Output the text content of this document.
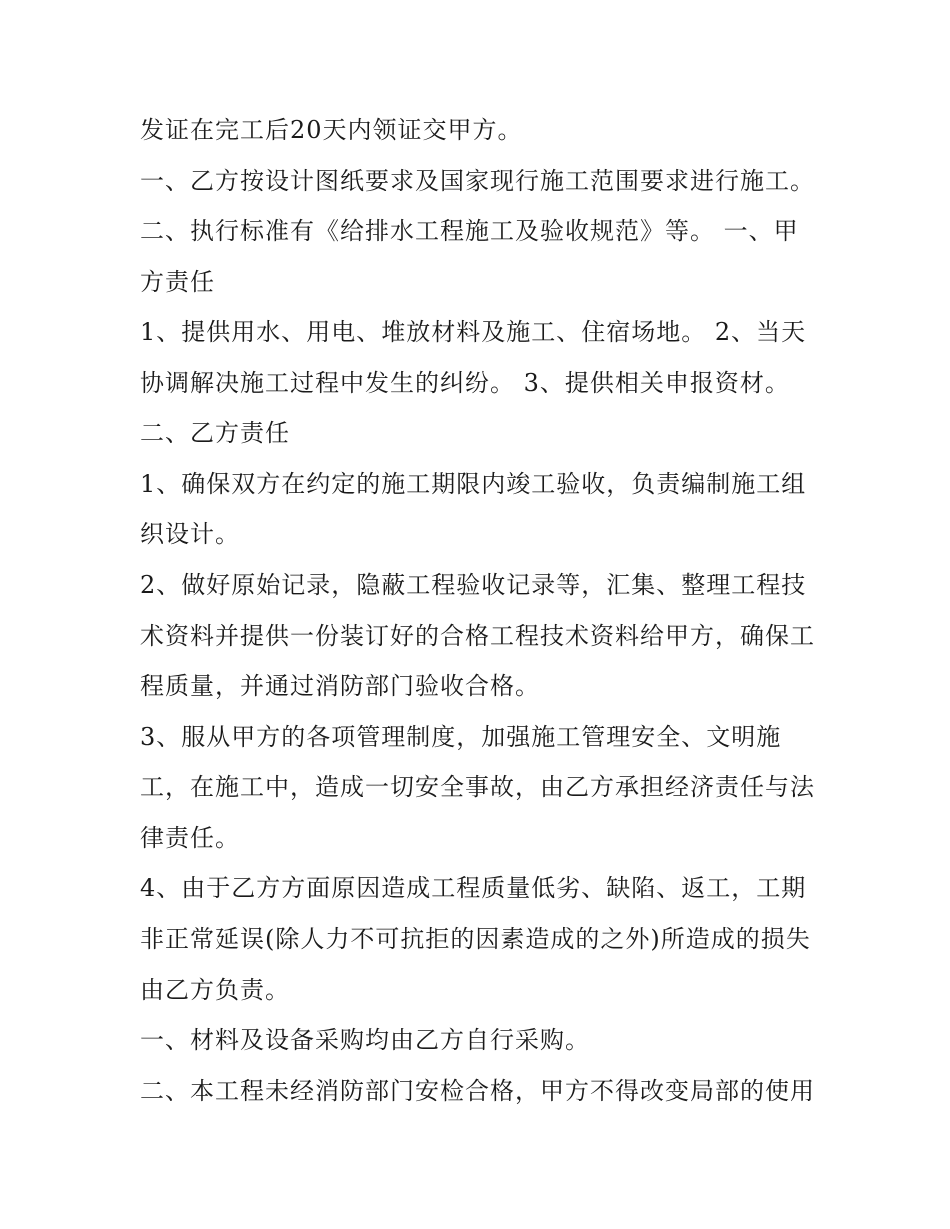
发证在完工后20天内领证交甲方。
一、乙方按设计图纸要求及国家现行施工范围要求进行施工。
二、执行标准有《给排水工程施工及验收规范》等。 一、甲
方责任
1、提供用水、用电、堆放材料及施工、住宿场地。 2、当天
协调解决施工过程中发生的纠纷。 3、提供相关申报资材。
二、乙方责任
1、确保双方在约定的施工期限内竣工验收，负责编制施工组
织设计。
2、做好原始记录，隐蔽工程验收记录等，汇集、整理工程技
术资料并提供一份装订好的合格工程技术资料给甲方，确保工
程质量，并通过消防部门验收合格。
3、服从甲方的各项管理制度，加强施工管理安全、文明施
工，在施工中，造成一切安全事故，由乙方承担经济责任与法
律责任。
4、由于乙方方面原因造成工程质量低劣、缺陷、返工，工期
非正常延误(除人力不可抗拒的因素造成的之外)所造成的损失
由乙方负责。
一、材料及设备采购均由乙方自行采购。
二、本工程未经消防部门安检合格，甲方不得改变局部的使用
